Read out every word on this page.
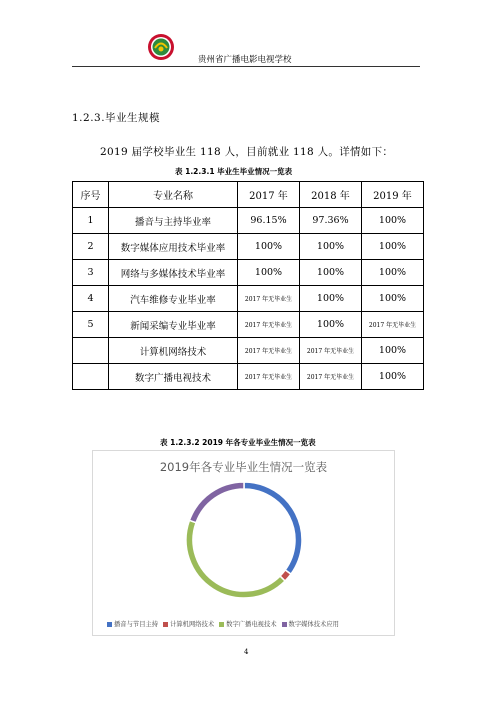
贵州省广播电影电视学校
1.2.3.毕业生规模
2019 届学校毕业生 118 人，目前就业 118 人。详情如下：
表 1.2.3.1 毕业生毕业情况一览表
序号	专业名称	2017 年	2018 年	2019 年
1	播音与主持毕业率	96.15%	97.36%	100%
2	数字媒体应用技术毕业率	100%	100%	100%
3	网络与多媒体技术毕业率	100%	100%	100%
4	汽车维修专业毕业率	2017 年无毕业生	100%	100%
5	新闻采编专业毕业率	2017 年无毕业生	100%	2017 年无毕业生
	计算机网络技术	2017 年无毕业生	2017 年无毕业生	100%
	数字广播电视技术	2017 年无毕业生	2017 年无毕业生	100%
表 1.2.3.2 2019 年各专业毕业生情况一览表
2019年各专业毕业生情况一览表
播音与节目主持 计算机网络技术 数字广播电视技术 数字媒体技术应用
4
